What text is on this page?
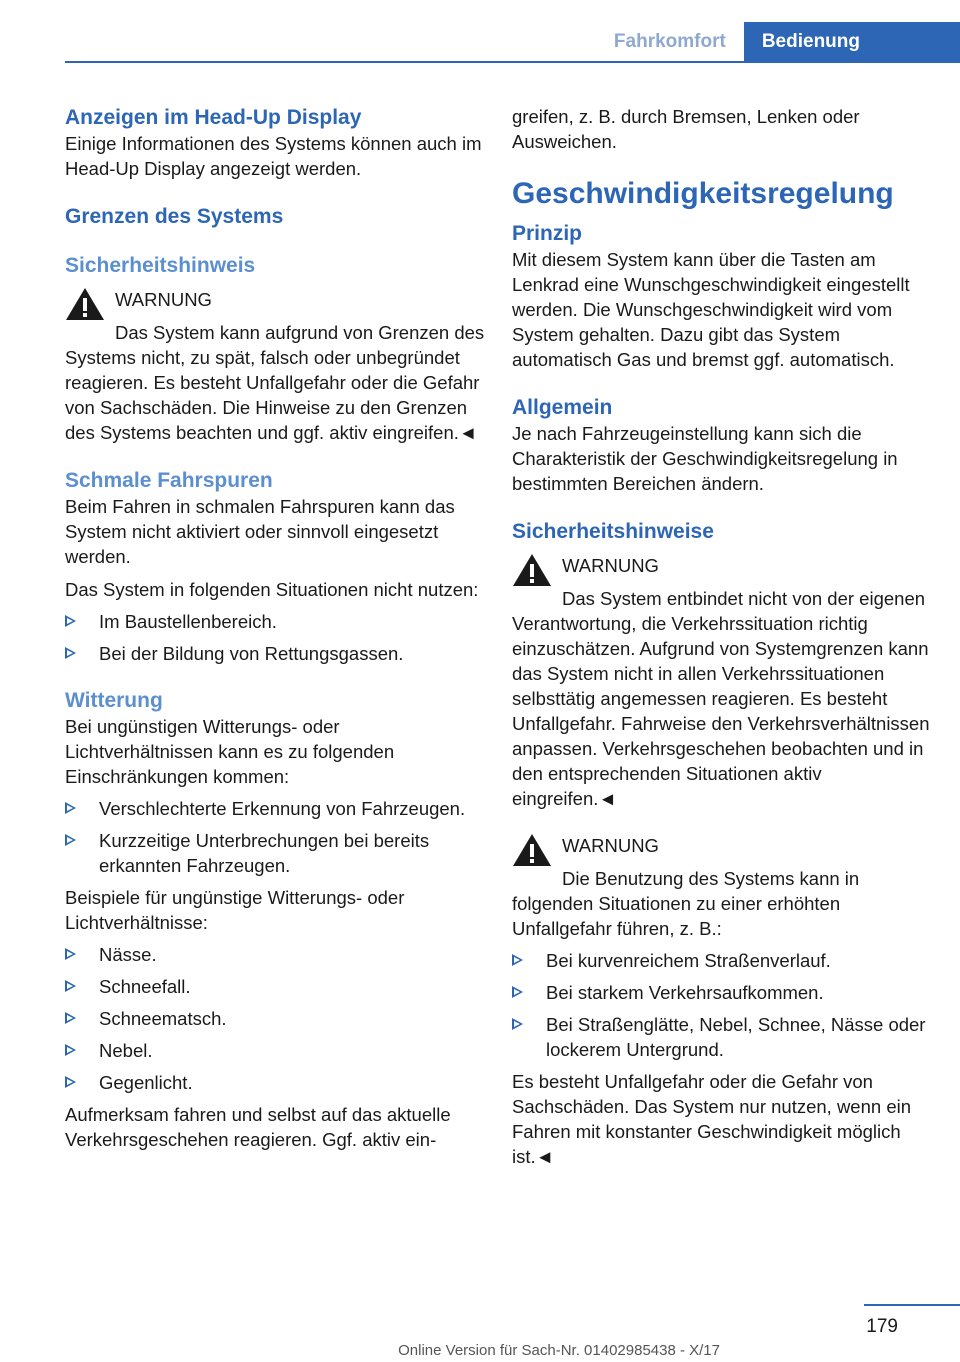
Fahrkomfort	Bedienung
Anzeigen im Head-Up Display

Einige Informationen des Systems können auch im Head-Up Display angezeigt werden.

Grenzen des Systems
Sicherheitshinweis

WARNUNG

Das System kann aufgrund von Grenzen des Systems nicht, zu spät, falsch oder unbegründet reagieren. Es besteht Unfallgefahr oder die Gefahr von Sachschäden. Die Hinweise zu den Grenzen des Systems beachten und ggf. aktiv eingreifen.◄

Schmale Fahrspuren

Beim Fahren in schmalen Fahrspuren kann das System nicht aktiviert oder sinnvoll eingesetzt werden.

Das System in folgenden Situationen nicht nutzen:

Im Baustellenbereich.
Bei der Bildung von Rettungsgassen.
Witterung

Bei ungünstigen Witterungs- oder Lichtverhältnissen kann es zu folgenden Einschränkungen kommen:

Verschlechterte Erkennung von Fahrzeugen.
Kurzzeitige Unterbrechungen bei bereits erkannten Fahrzeugen.

Beispiele für ungünstige Witterungs- oder Lichtverhältnisse:

Nässe.
Schneefall.
Schneematsch.
Nebel.
Gegenlicht.

Aufmerksam fahren und selbst auf das aktuelle Verkehrsgeschehen reagieren. Ggf. aktiv ein-

greifen, z. B. durch Bremsen, Lenken oder Ausweichen.

Geschwindigkeitsregelung
Prinzip

Mit diesem System kann über die Tasten am Lenkrad eine Wunschgeschwindigkeit eingestellt werden. Die Wunschgeschwindigkeit wird vom System gehalten. Dazu gibt das System automatisch Gas und bremst ggf. automatisch.

Allgemein

Je nach Fahrzeugeinstellung kann sich die Charakteristik der Geschwindigkeitsregelung in bestimmten Bereichen ändern.

Sicherheitshinweise

WARNUNG

Das System entbindet nicht von der eigenen Verantwortung, die Verkehrssituation richtig einzuschätzen. Aufgrund von Systemgrenzen kann das System nicht in allen Verkehrssituationen selbsttätig angemessen reagieren. Es besteht Unfallgefahr. Fahrweise den Verkehrsverhältnissen anpassen. Verkehrsgeschehen beobachten und in den entsprechenden Situationen aktiv eingreifen.◄

WARNUNG

Die Benutzung des Systems kann in folgenden Situationen zu einer erhöhten Unfallgefahr führen, z. B.:

Bei kurvenreichem Straßenverlauf.
Bei starkem Verkehrsaufkommen.
Bei Straßenglätte, Nebel, Schnee, Nässe oder lockerem Untergrund.

Es besteht Unfallgefahr oder die Gefahr von Sachschäden. Das System nur nutzen, wenn ein Fahren mit konstanter Geschwindigkeit möglich ist.◄

179
Online Version für Sach-Nr. 01402985438 - X/17
